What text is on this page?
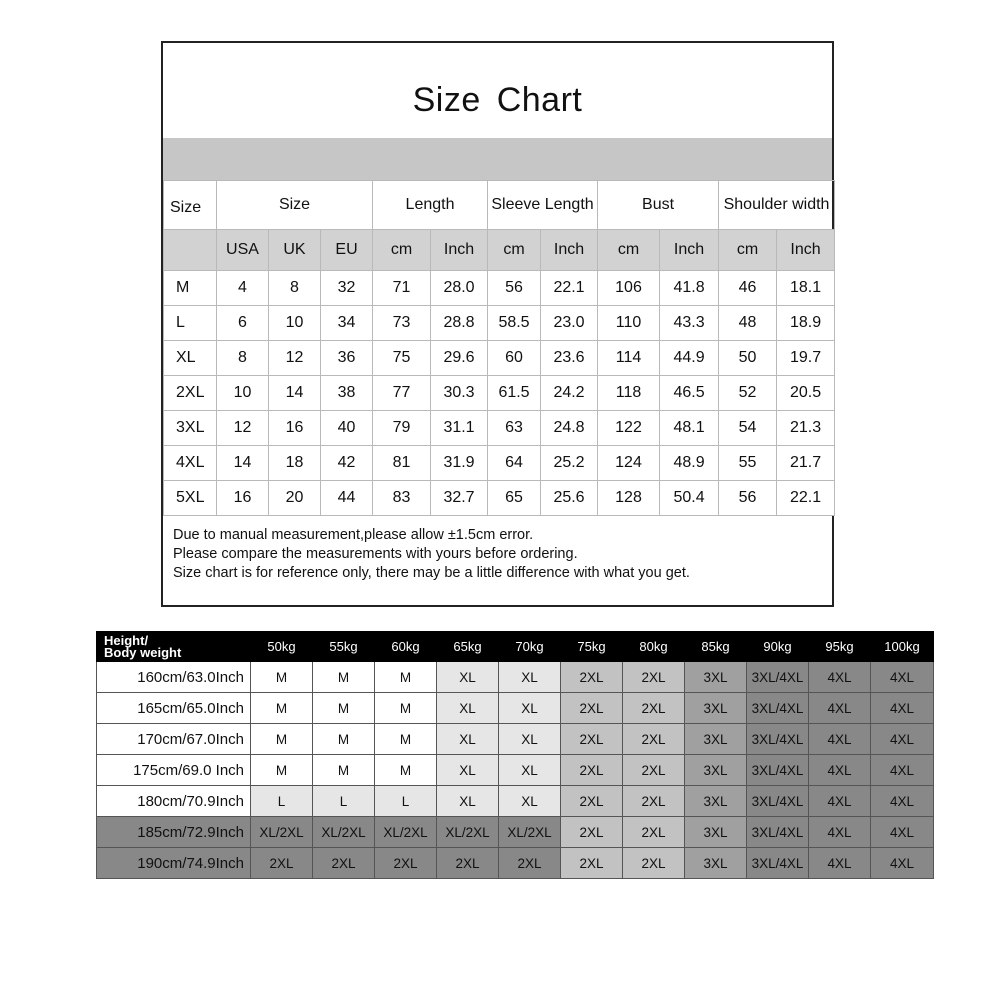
Size Chart
Size	Size			Length		Sleeve Length		Bust		Shoulder width	
	USA	UK	EU	cm	Inch	cm	Inch	cm	Inch	cm	Inch
M	4	8	32	71	28.0	56	22.1	106	41.8	46	18.1
L	6	10	34	73	28.8	58.5	23.0	110	43.3	48	18.9
XL	8	12	36	75	29.6	60	23.6	114	44.9	50	19.7
2XL	10	14	38	77	30.3	61.5	24.2	118	46.5	52	20.5
3XL	12	16	40	79	31.1	63	24.8	122	48.1	54	21.3
4XL	14	18	42	81	31.9	64	25.2	124	48.9	55	21.7
5XL	16	20	44	83	32.7	65	25.6	128	50.4	56	22.1
Due to manual measurement,please allow ±1.5cm error.
Please compare the measurements with yours before ordering.
Size chart is for reference only, there may be a little difference with what you get.
Height/
Body weight	50kg	55kg	60kg	65kg	70kg	75kg	80kg	85kg	90kg	95kg	100kg
160cm/63.0Inch	M	M	M	XL	XL	2XL	2XL	3XL	3XL/4XL	4XL	4XL
165cm/65.0Inch	M	M	M	XL	XL	2XL	2XL	3XL	3XL/4XL	4XL	4XL
170cm/67.0Inch	M	M	M	XL	XL	2XL	2XL	3XL	3XL/4XL	4XL	4XL
175cm/69.0 Inch	M	M	M	XL	XL	2XL	2XL	3XL	3XL/4XL	4XL	4XL
180cm/70.9Inch	L	L	L	XL	XL	2XL	2XL	3XL	3XL/4XL	4XL	4XL
185cm/72.9Inch	XL/2XL	XL/2XL	XL/2XL	XL/2XL	XL/2XL	2XL	2XL	3XL	3XL/4XL	4XL	4XL
190cm/74.9Inch	2XL	2XL	2XL	2XL	2XL	2XL	2XL	3XL	3XL/4XL	4XL	4XL
